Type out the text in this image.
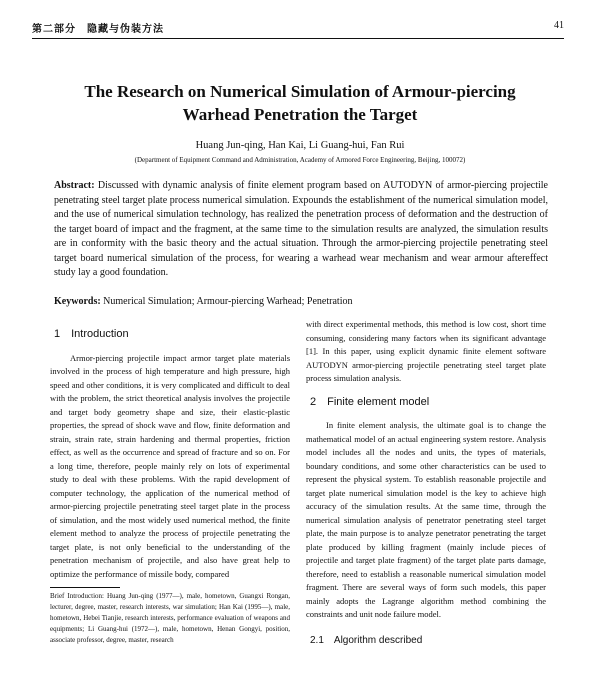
第二部分　隐藏与伪装方法	41
The Research on Numerical Simulation of Armour-piercing
Warhead Penetration the Target
Huang Jun-qing, Han Kai, Li Guang-hui, Fan Rui
(Department of Equipment Command and Administration, Academy of Armored Force Engineering, Beijing, 100072)
Abstract: Discussed with dynamic analysis of finite element program based on AUTODYN of armor-piercing projectile penetrating steel target plate process numerical simulation. Expounds the establishment of the numerical simulation model, and the use of numerical simulation technology, has realized the penetration process of deformation and the destruction of the target board of impact and the fragment, at the same time to the simulation results are analyzed, the simulation results are in conformity with the basic theory and the actual situation. Through the armor-piercing projectile penetrating steel target board numerical simulation of the process, for wearing a warhead wear mechanism and wear armour aftereffect study lay a good foundation.
Keywords: Numerical Simulation; Armour-piercing Warhead; Penetration
1　Introduction

Armor-piercing projectile impact armor target plate materials involved in the process of high temperature and high pressure, high speed and other conditions, it is very complicated and difficult to deal with the problem, the strict theoretical analysis involves the projectile and target body geometry shape and size, their elastic-plastic properties, the spread of shock wave and flow, finite deformation and strain, strain rate, strain hardening and thermal properties, friction effect, as well as the occurrence and spread of fracture and so on. For a long time, therefore, people mainly rely on lots of experimental study to deal with these problems. With the rapid development of computer technology, the application of the numerical method of armor-piercing projectile penetrating steel target plate in the process of simulation, and the most widely used numerical method, the finite element method to analyze the process of projectile penetrating the target plate, is not only beneficial to the understanding of the penetration mechanism of projectile, and also have great help to optimize the performance of missile body, compared

Brief Introduction: Huang Jun-qing (1977—), male, hometown, Guangxi Rongan, lecturer, degree, master, research interests, war simulation; Han Kai (1995—), male, hometown, Hebei Tianjie, research interests, performance evaluation of weapons and equipments; Li Guang-hui (1972—), male, hometown, Henan Gongyi, position, associate professor, degree, master, research

with direct experimental methods, this method is low cost, short time consuming, considering many factors when its significant advantage [1]. In this paper, using explicit dynamic finite element software AUTODYN armor-piercing projectile penetrating steel target plate process simulation analysis.

2　Finite element model

In finite element analysis, the ultimate goal is to change the mathematical model of an actual engineering system restore. Analysis model includes all the nodes and units, the types of materials, boundary conditions, and some other characteristics can be used to represent the physical system. To establish reasonable projectile and target plate numerical simulation model is the key to achieve high accuracy of the simulation results. At the same time, through the numerical simulation analysis of penetrator penetrating steel target plate, the main purpose is to analyze penetrator penetrating the target plate produced by killing fragment (mainly include pieces of projectile and target plate fragment) of the target plate parts damage, therefore, need to establish a reasonable numerical simulation model fragment. There are several ways of form such models, this paper mainly adopts the Lagrange algorithm method combining the constraints and unit node failure model.

2.1　Algorithm described
